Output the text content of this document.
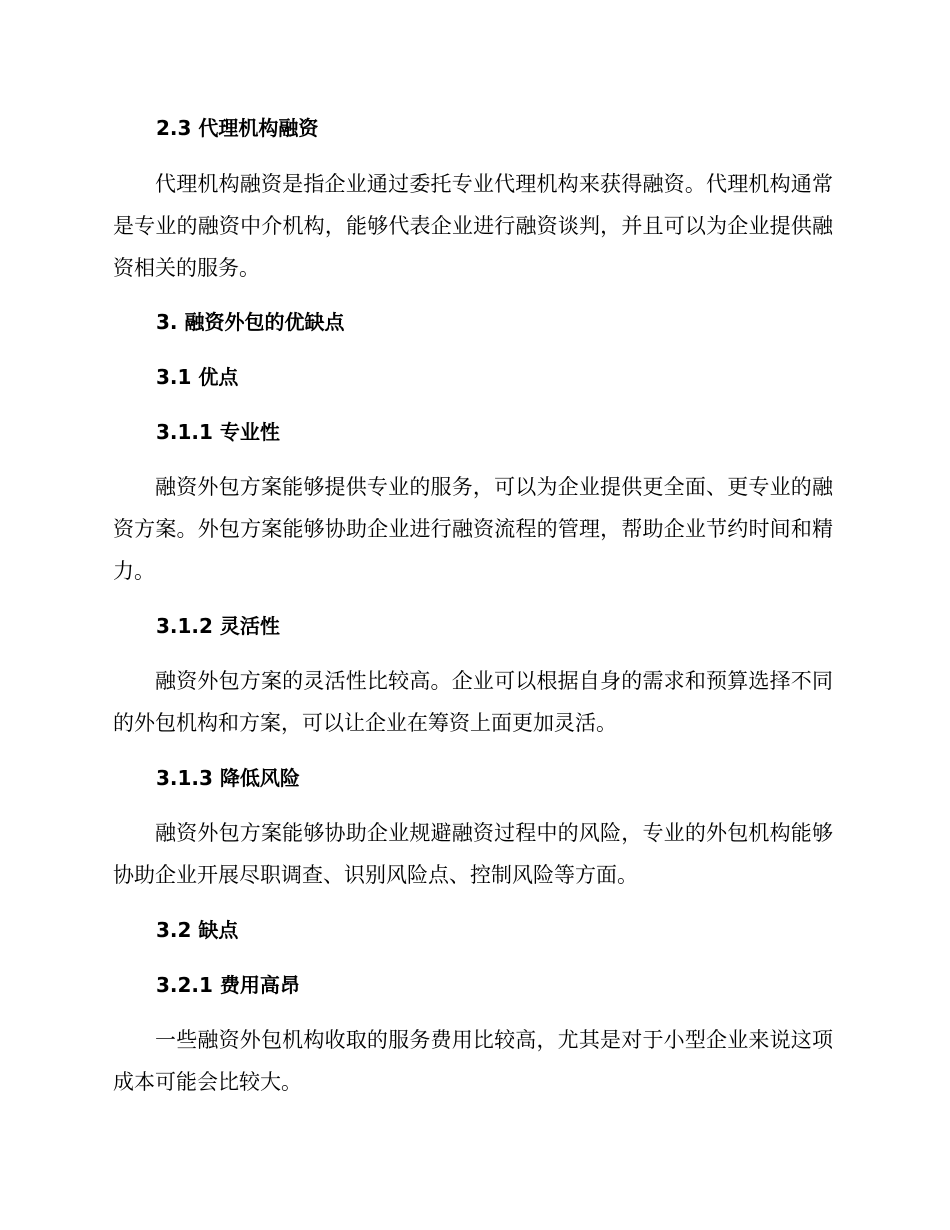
2.3 代理机构融资
代理机构融资是指企业通过委托专业代理机构来获得融资。代理机构通常是专业的融资中介机构，能够代表企业进行融资谈判，并且可以为企业提供融资相关的服务。
3. 融资外包的优缺点
3.1 优点
3.1.1 专业性
融资外包方案能够提供专业的服务，可以为企业提供更全面、更专业的融资方案。外包方案能够协助企业进行融资流程的管理，帮助企业节约时间和精力。
3.1.2 灵活性
融资外包方案的灵活性比较高。企业可以根据自身的需求和预算选择不同的外包机构和方案，可以让企业在筹资上面更加灵活。
3.1.3 降低风险
融资外包方案能够协助企业规避融资过程中的风险，专业的外包机构能够协助企业开展尽职调查、识别风险点、控制风险等方面。
3.2 缺点
3.2.1 费用高昂
一些融资外包机构收取的服务费用比较高，尤其是对于小型企业来说这项成本可能会比较大。
